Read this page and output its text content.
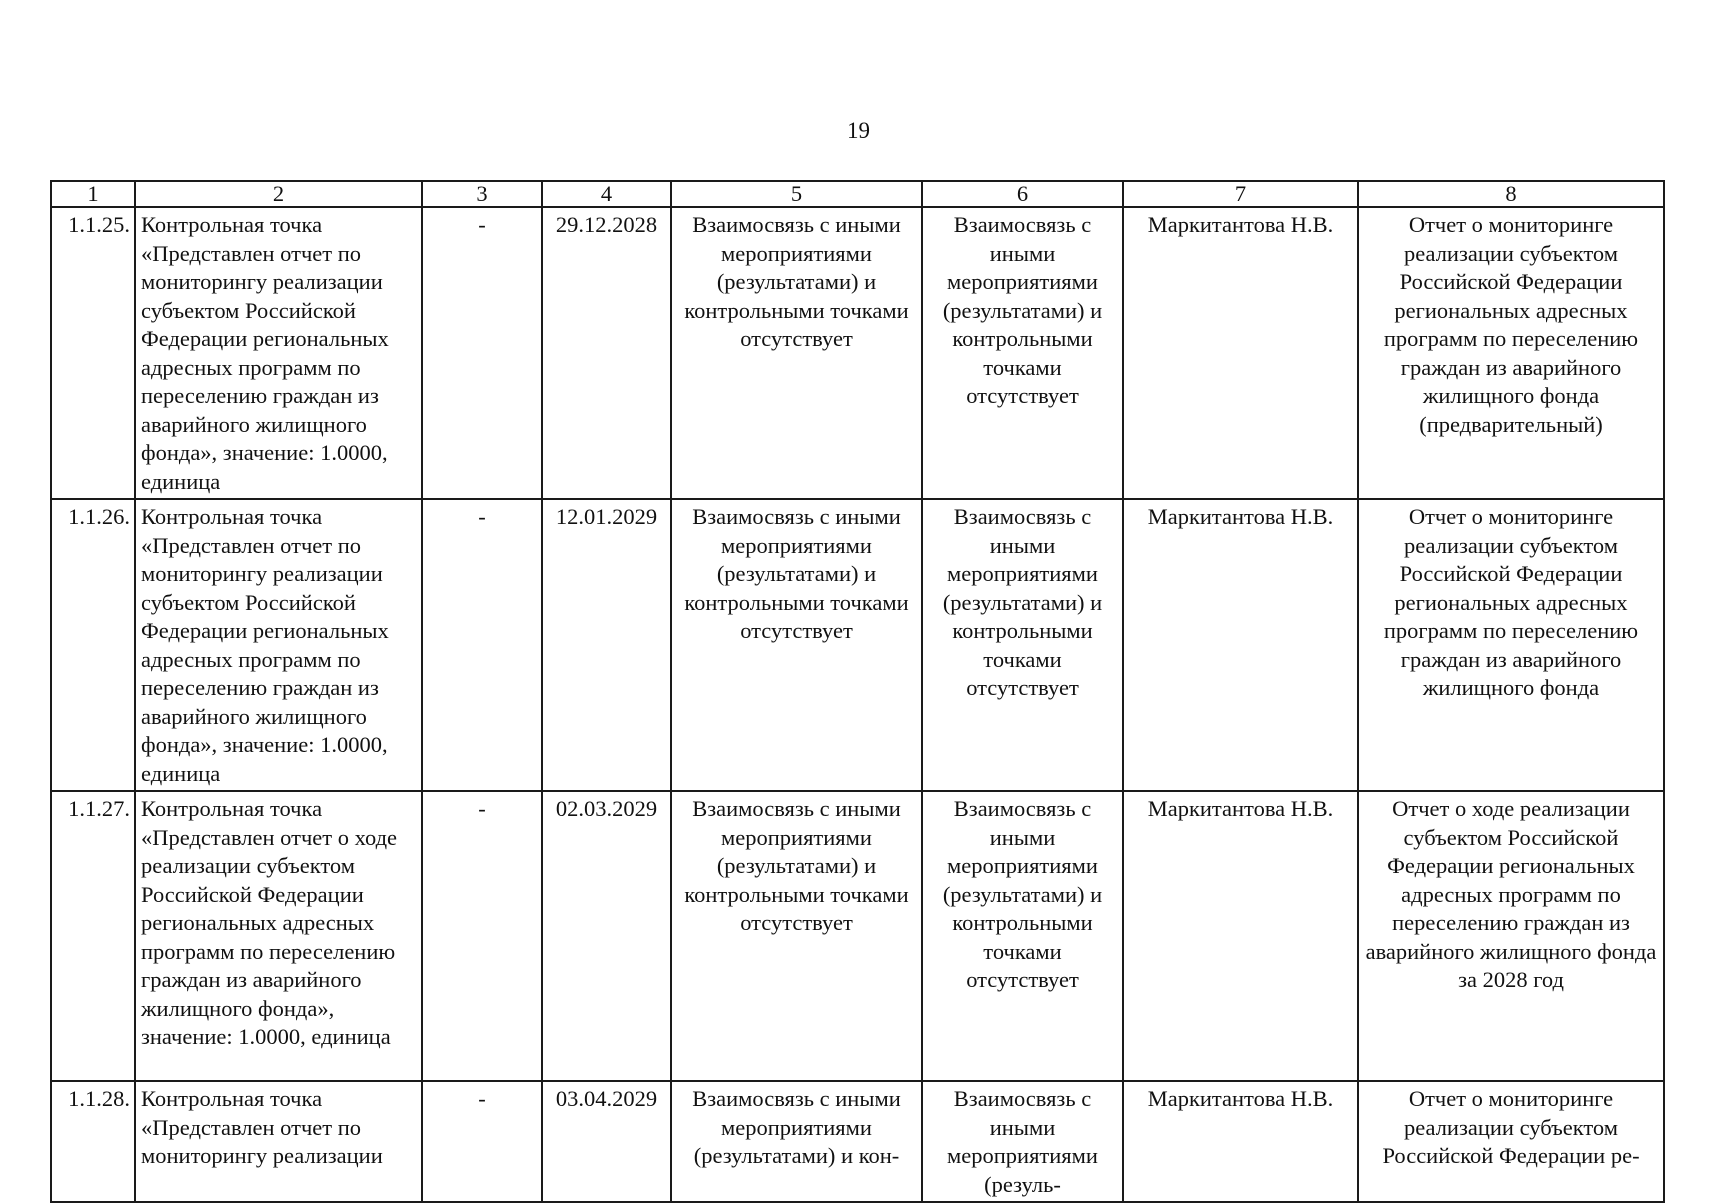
19
1	2	3	4	5	6	7	8
1.1.25.	Контрольная точка «Представлен отчет по мониторингу реализации субъектом Российской Федерации региональных адресных программ по переселению граждан из аварийного жилищного фонда», значение: 1.0000, единица	-	29.12.2028	Взаимосвязь с иными мероприятиями (результатами) и контрольными точками отсутствует	Взаимосвязь с иными мероприятиями (результатами) и контрольными точками отсутствует	Маркитантова Н.В.	Отчет о мониторинге реализации субъектом Российской Федерации региональных адресных программ по переселению граждан из аварийного жилищного фонда (предварительный)
1.1.26.	Контрольная точка «Представлен отчет по мониторингу реализации субъектом Российской Федерации региональных адресных программ по переселению граждан из аварийного жилищного фонда», значение: 1.0000, единица	-	12.01.2029	Взаимосвязь с иными мероприятиями (результатами) и контрольными точками отсутствует	Взаимосвязь с иными мероприятиями (результатами) и контрольными точками отсутствует	Маркитантова Н.В.	Отчет о мониторинге реализации субъектом Российской Федерации региональных адресных программ по переселению граждан из аварийного жилищного фонда
1.1.27.	Контрольная точка «Представлен отчет о ходе реализации субъектом Российской Федерации региональных адресных программ по переселению граждан из аварийного жилищного фонда», значение: 1.0000, единица	-	02.03.2029	Взаимосвязь с иными мероприятиями (результатами) и контрольными точками отсутствует	Взаимосвязь с иными мероприятиями (результатами) и контрольными точками отсутствует	Маркитантова Н.В.	Отчет о ходе реализации субъектом Российской Федерации региональных адресных программ по переселению граждан из аварийного жилищного фонда за 2028 год
1.1.28.	Контрольная точка «Представлен отчет по мониторингу реализации	-	03.04.2029	Взаимосвязь с иными мероприятиями (результатами) и кон-	Взаимосвязь с иными мероприятиями (резуль-	Маркитантова Н.В.	Отчет о мониторинге реализации субъектом Российской Федерации ре-
